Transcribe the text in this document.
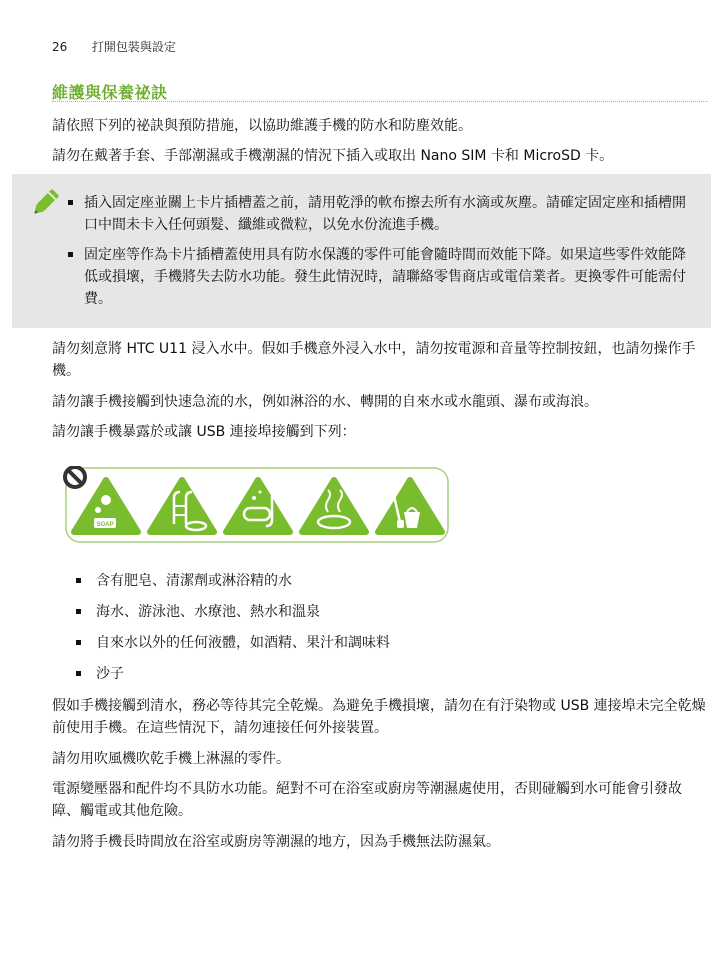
26 打開包裝與設定
維護與保養祕訣
請依照下列的祕訣與預防措施，以協助維護手機的防水和防塵效能。
請勿在戴著手套、手部潮濕或手機潮濕的情況下插入或取出 Nano SIM 卡和 MicroSD 卡。
插入固定座並關上卡片插槽蓋之前，請用乾淨的軟布擦去所有水滴或灰塵。請確定固定座和插槽開口中間未卡入任何頭髮、纖維或微粒，以免水份流進手機。
固定座等作為卡片插槽蓋使用具有防水保護的零件可能會隨時間而效能下降。如果這些零件效能降低或損壞，手機將失去防水功能。發生此情況時，請聯絡零售商店或電信業者。更換零件可能需付費。
請勿刻意將 HTC U11 浸入水中。假如手機意外浸入水中，請勿按電源和音量等控制按鈕，也請勿操作手機。
請勿讓手機接觸到快速急流的水，例如淋浴的水、轉開的自來水或水龍頭、瀑布或海浪。
請勿讓手機暴露於或讓 USB 連接埠接觸到下列：
SOAP
含有肥皂、清潔劑或淋浴精的水
海水、游泳池、水療池、熱水和溫泉
自來水以外的任何液體，如酒精、果汁和調味料
沙子
假如手機接觸到清水，務必等待其完全乾燥。為避免手機損壞，請勿在有汙染物或 USB 連接埠未完全乾燥前使用手機。在這些情況下，請勿連接任何外接裝置。
請勿用吹風機吹乾手機上淋濕的零件。
電源變壓器和配件均不具防水功能。絕對不可在浴室或廚房等潮濕處使用，否則碰觸到水可能會引發故障、觸電或其他危險。
請勿將手機長時間放在浴室或廚房等潮濕的地方，因為手機無法防濕氣。
